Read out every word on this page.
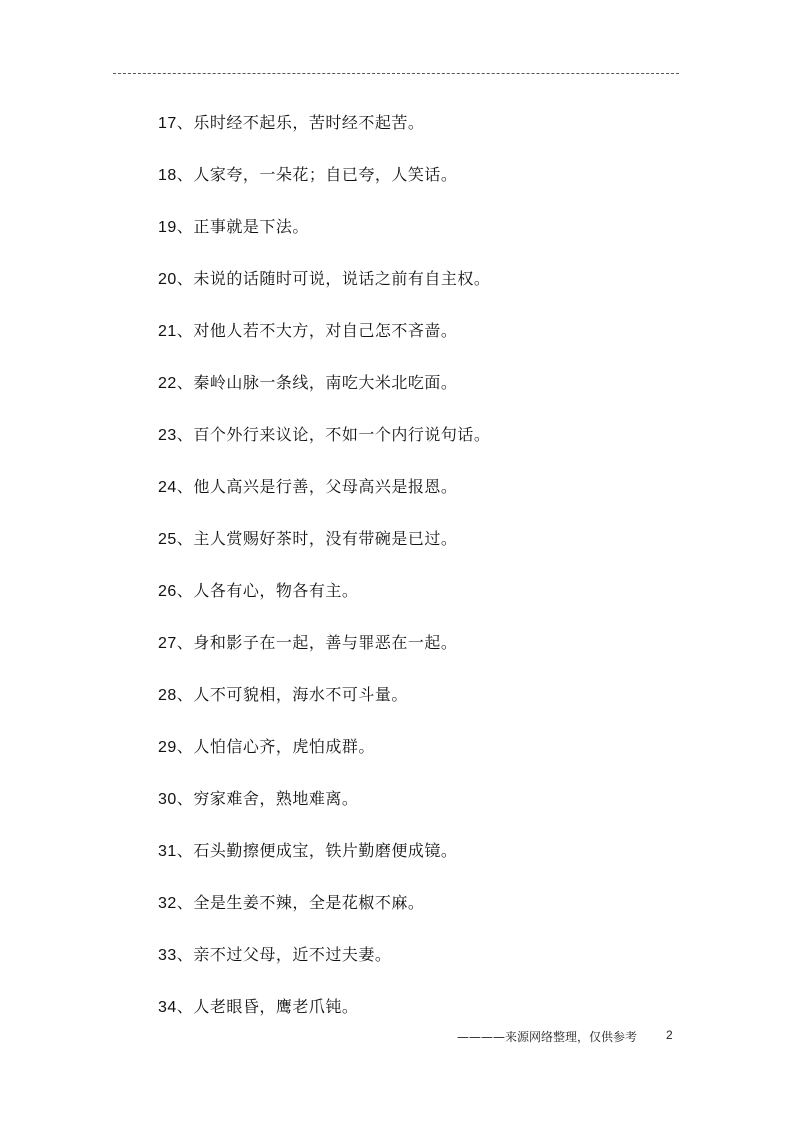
17、乐时经不起乐，苦时经不起苦。
18、人家夸，一朵花；自已夸，人笑话。
19、正事就是下法。
20、未说的话随时可说，说话之前有自主权。
21、对他人若不大方，对自己怎不吝啬。
22、秦岭山脉一条线，南吃大米北吃面。
23、百个外行来议论，不如一个内行说句话。
24、他人高兴是行善，父母高兴是报恩。
25、主人赏赐好茶时，没有带碗是已过。
26、人各有心，物各有主。
27、身和影子在一起，善与罪恶在一起。
28、人不可貌相，海水不可斗量。
29、人怕信心齐，虎怕成群。
30、穷家难舍，熟地难离。
31、石头勤擦便成宝，铁片勤磨便成镜。
32、全是生姜不辣，全是花椒不麻。
33、亲不过父母，近不过夫妻。
34、人老眼昏，鹰老爪钝。
————来源网络整理，仅供参考 2
